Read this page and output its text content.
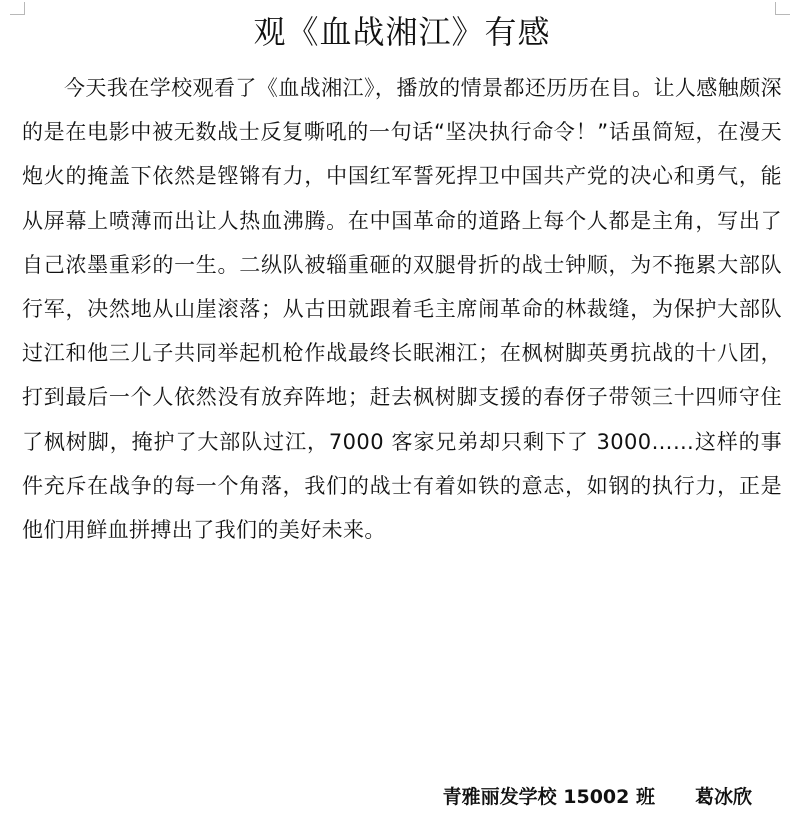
观《血战湘江》有感

今天我在学校观看了《血战湘江》，播放的情景都还历历在目。让人感触颇深的是在电影中被无数战士反复嘶吼的一句话“坚决执行命令！”话虽简短，在漫天炮火的掩盖下依然是铿锵有力，中国红军誓死捍卫中国共产党的决心和勇气，能从屏幕上喷薄而出让人热血沸腾。在中国革命的道路上每个人都是主角，写出了自己浓墨重彩的一生。二纵队被辎重砸的双腿骨折的战士钟顺，为不拖累大部队行军，决然地从山崖滚落；从古田就跟着毛主席闹革命的林裁缝，为保护大部队过江和他三儿子共同举起机枪作战最终长眠湘江；在枫树脚英勇抗战的十八团，打到最后一个人依然没有放弃阵地；赶去枫树脚支援的春伢子带领三十四师守住了枫树脚，掩护了大部队过江，7000 客家兄弟却只剩下了 3000……这样的事件充斥在战争的每一个角落，我们的战士有着如铁的意志，如钢的执行力，正是他们用鲜血拼搏出了我们的美好未来。

青雅丽发学校 15002 班 葛冰欣
